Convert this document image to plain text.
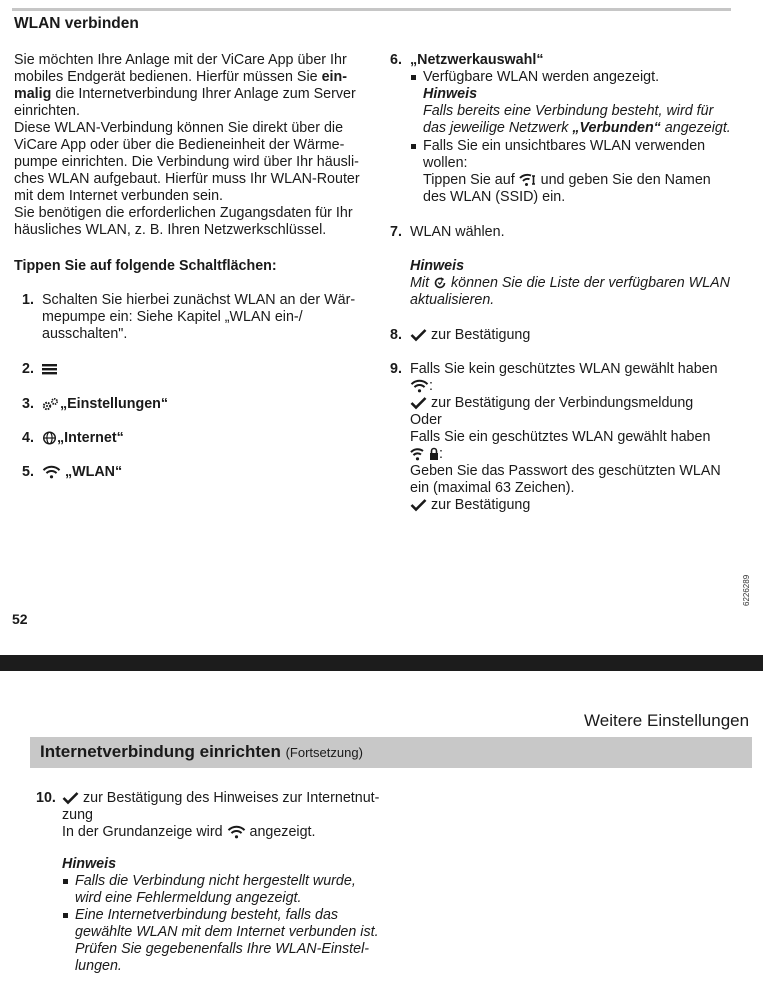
WLAN verbinden
Sie möchten Ihre Anlage mit der ViCare App über Ihr
mobiles Endgerät bedienen. Hierfür müssen Sie ein-
malig die Internetverbindung Ihrer Anlage zum Server
einrichten.
Diese WLAN-Verbindung können Sie direkt über die
ViCare App oder über die Bedieneinheit der Wärme-
pumpe einrichten. Die Verbindung wird über Ihr häusli-
ches WLAN aufgebaut. Hierfür muss Ihr WLAN-Router
mit dem Internet verbunden sein.
Sie benötigen die erforderlichen Zugangsdaten für Ihr
häusliches WLAN, z. B. Ihren Netzwerkschlüssel.
Tippen Sie auf folgende Schaltflächen:
1. Schalten Sie hierbei zunächst WLAN an der Wär-
mepumpe ein: Siehe Kapitel „WLAN ein-/
ausschalten".
2.
3.	„Einstellungen“
4.	„Internet“
5.	„WLAN“
6. „Netzwerkauswahl“
Verfügbare WLAN werden angezeigt.
Hinweis
Falls bereits eine Verbindung besteht, wird für
das jeweilige Netzwerk „Verbunden“ angezeigt.
Falls Sie ein unsichtbares WLAN verwenden
wollen:
Tippen Sie auf  und geben Sie den Namen
des WLAN (SSID) ein.
7. WLAN wählen.
Hinweis
Mit  können Sie die Liste der verfügbaren WLAN
aktualisieren.
8.	zur Bestätigung
9. Falls Sie kein geschütztes WLAN gewählt haben
:
zur Bestätigung der Verbindungsmeldung
Oder
Falls Sie ein geschütztes WLAN gewählt haben
:
Geben Sie das Passwort des geschützten WLAN
ein (maximal 63 Zeichen).
zur Bestätigung
52
6226289
Weitere Einstellungen
Internetverbindung einrichten (Fortsetzung)
10.	zur Bestätigung des Hinweises zur Internetnut-
zung
In der Grundanzeige wird  angezeigt.
Hinweis
Falls die Verbindung nicht hergestellt wurde,
wird eine Fehlermeldung angezeigt.
Eine Internetverbindung besteht, falls das
gewählte WLAN mit dem Internet verbunden ist.
Prüfen Sie gegebenenfalls Ihre WLAN-Einstel-
lungen.
